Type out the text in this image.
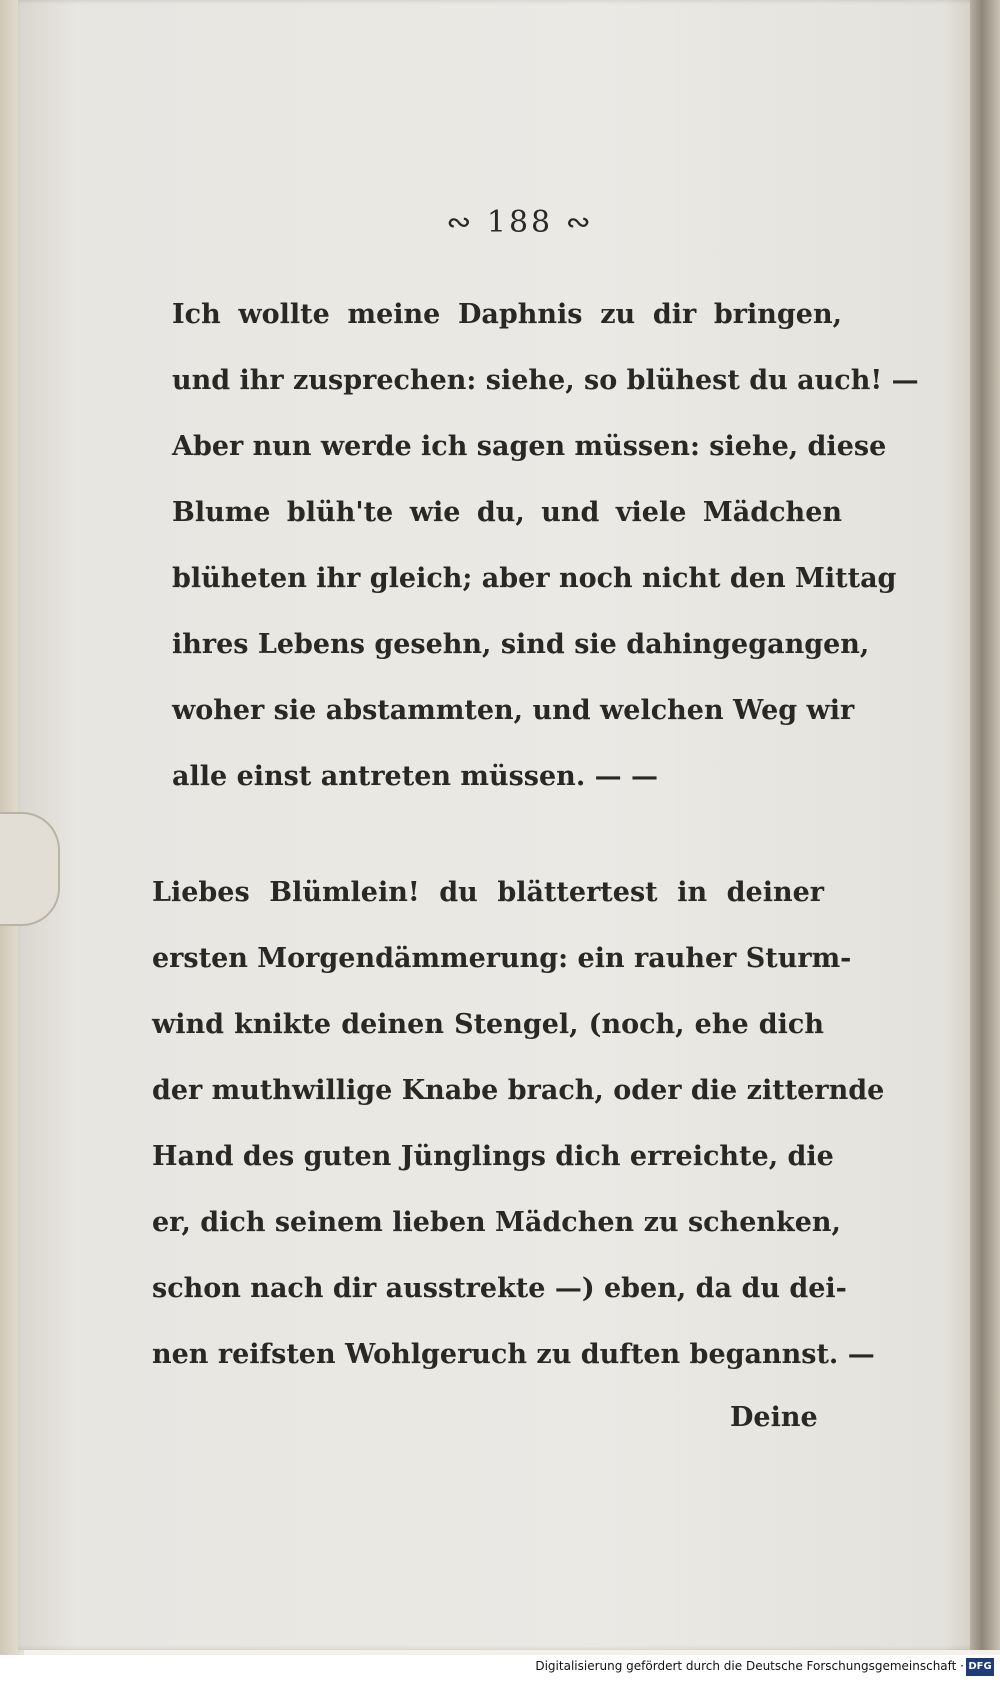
∾ 188 ∾
Ich wollte meine Daphnis zu dir bringen,
und ihr zusprechen: siehe, so blühest du auch! —
Aber nun werde ich sagen müssen: siehe, diese
Blume blüh'te wie du, und viele Mädchen
blüheten ihr gleich; aber noch nicht den Mittag
ihres Lebens gesehn, sind sie dahingegangen,
woher sie abstammten, und welchen Weg wir
alle einst antreten müssen. — —
Liebes Blümlein! du blättertest in deiner
ersten Morgendämmerung: ein rauher Sturm-
wind knikte deinen Stengel, (noch, ehe dich
der muthwillige Knabe brach, oder die zitternde
Hand des guten Jünglings dich erreichte, die
er, dich seinem lieben Mädchen zu schenken,
schon nach dir ausstrekte —) eben, da du dei-
nen reifsten Wohlgeruch zu duften begannst. —
Deine
Digitalisierung gefördert durch die Deutsche Forschungsgemeinschaft · DFG
